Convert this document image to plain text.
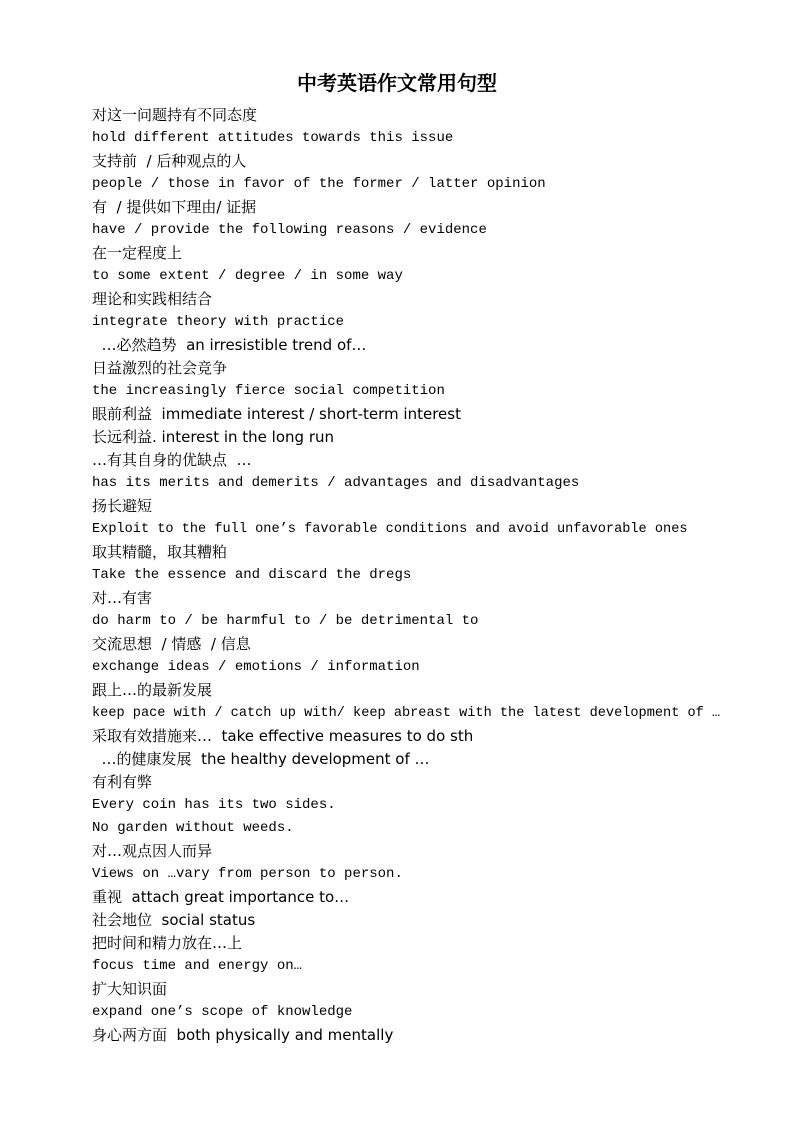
中考英语作文常用句型
对这一问题持有不同态度
hold different attitudes towards this issue
支持前  / 后种观点的人
people / those in favor of the former / latter opinion
有  / 提供如下理由/ 证据
have / provide the following reasons / evidence
在一定程度上
to some extent / degree / in some way
理论和实践相结合
integrate theory with practice
…必然趋势  an irresistible trend of…
日益激烈的社会竞争
the increasingly fierce social competition
眼前利益  immediate interest / short-term interest
长远利益. interest in the long run
…有其自身的优缺点  …
has its merits and demerits / advantages and disadvantages
扬长避短
Exploit to the full one’s favorable conditions and avoid unfavorable ones
取其精髓，取其糟粕
Take the essence and discard the dregs
对…有害
do harm to / be harmful to / be detrimental to
交流思想  / 情感  / 信息
exchange ideas / emotions / information
跟上…的最新发展
keep pace with / catch up with/ keep abreast with the latest development of …
采取有效措施来…  take effective measures to do sth
…的健康发展  the healthy development of …
有利有弊
Every coin has its two sides.
No garden without weeds.
对…观点因人而异
Views on …vary from person to person.
重视  attach great importance to…
社会地位  social status
把时间和精力放在…上
focus time and energy on…
扩大知识面
expand one’s scope of knowledge
身心两方面  both physically and mentally
